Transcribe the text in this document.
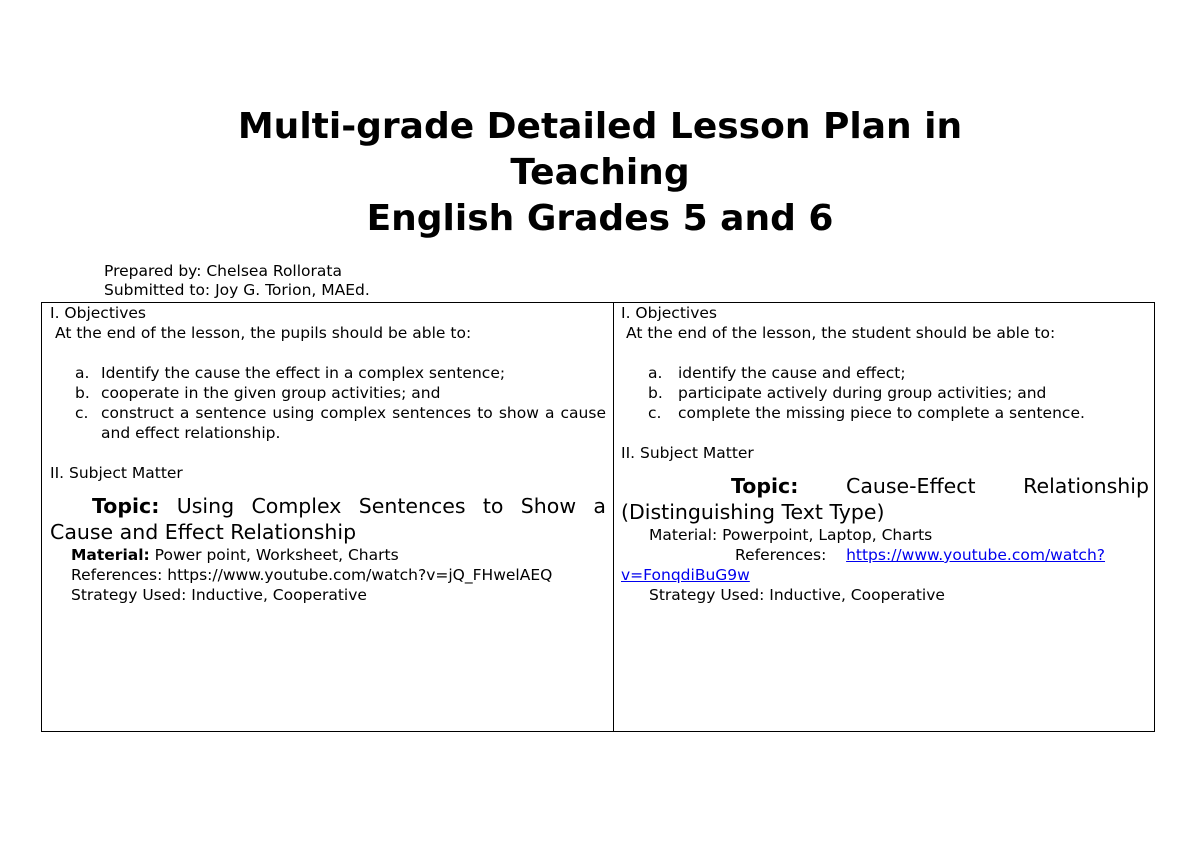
Multi-grade Detailed Lesson Plan in
Teaching
English Grades 5 and 6
Prepared by: Chelsea Rollorata
Submitted to: Joy G. Torion, MAEd.
I. Objectives
At the end of the lesson, the pupils should be able to:
a. Identify the cause the effect in a complex sentence;
b. cooperate in the given group activities; and
c. construct a sentence using complex sentences to show a cause and effect relationship.
II. Subject Matter
Topic: Using Complex Sentences to Show a Cause and Effect Relationship
Material: Power point, Worksheet, Charts
References: https://www.youtube.com/watch?v=jQ_FHwelAEQ
Strategy Used: Inductive, Cooperative
I. Objectives
At the end of the lesson, the student should be able to:
a. identify the cause and effect;
b. participate actively during group activities; and
c. complete the missing piece to complete a sentence.
II. Subject Matter
Topic: Cause-Effect Relationship (Distinguishing Text Type)
Material: Powerpoint, Laptop, Charts
References: https://www.youtube.com/watch?
v=FonqdiBuG9w
Strategy Used: Inductive, Cooperative
